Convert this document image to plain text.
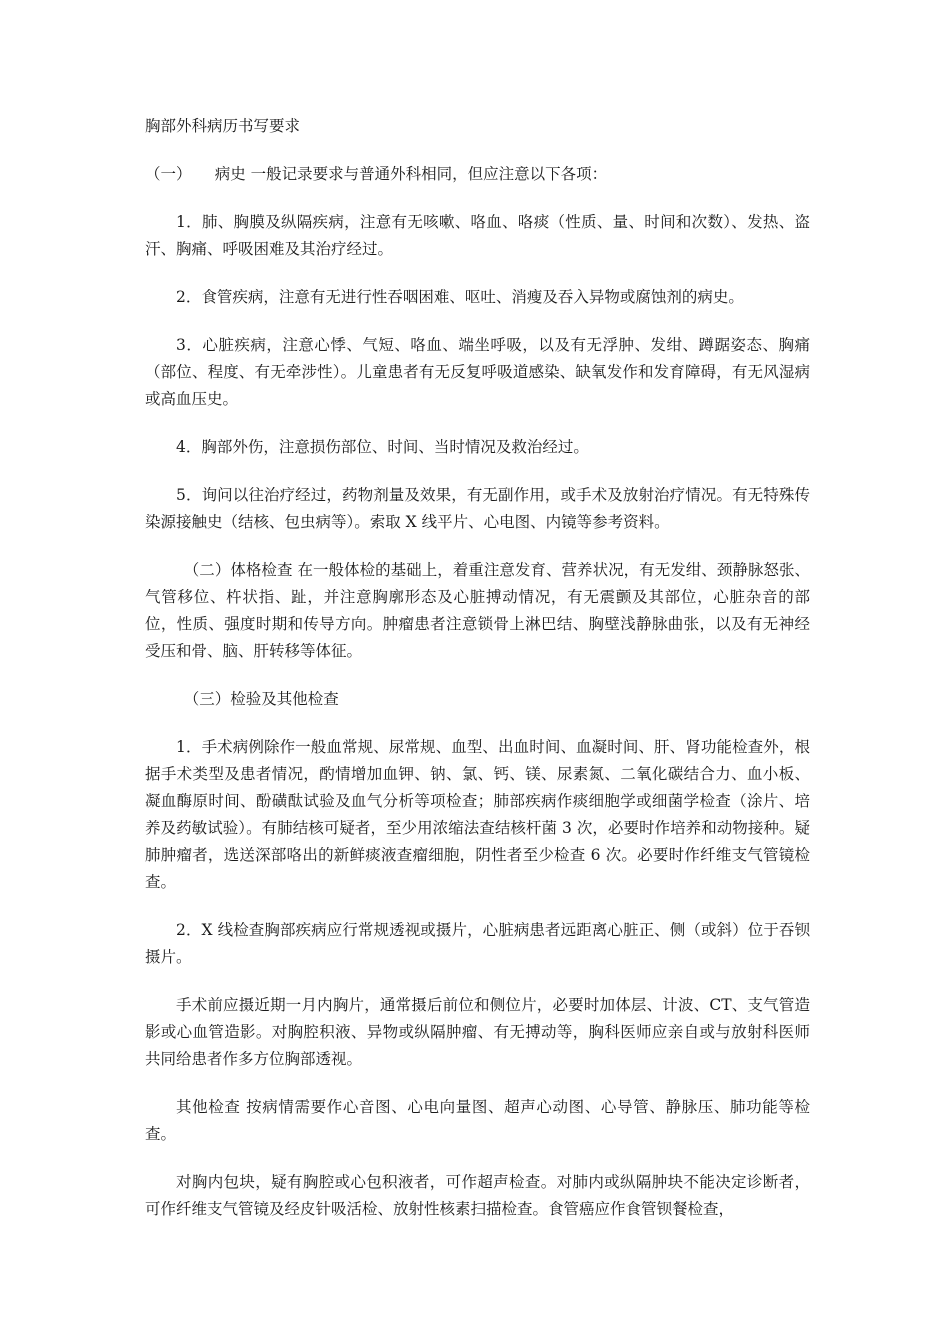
胸部外科病历书写要求

（一）　　病史 一般记录要求与普通外科相同，但应注意以下各项：

1．肺、胸膜及纵隔疾病，注意有无咳嗽、咯血、咯痰（性质、量、时间和次数）、发热、盗汗、胸痛、呼吸困难及其治疗经过。

2．食管疾病，注意有无进行性吞咽困难、呕吐、消瘦及吞入异物或腐蚀剂的病史。

3．心脏疾病，注意心悸、气短、咯血、端坐呼吸，以及有无浮肿、发绀、蹲踞姿态、胸痛（部位、程度、有无牵涉性）。儿童患者有无反复呼吸道感染、缺氧发作和发育障碍，有无风湿病或高血压史。

4．胸部外伤，注意损伤部位、时间、当时情况及救治经过。

5．询问以往治疗经过，药物剂量及效果，有无副作用，或手术及放射治疗情况。有无特殊传染源接触史（结核、包虫病等）。索取 X 线平片、心电图、内镜等参考资料。

（二）体格检查 在一般体检的基础上，着重注意发育、营养状况，有无发绀、颈静脉怒张、气管移位、杵状指、趾，并注意胸廓形态及心脏搏动情况，有无震颤及其部位，心脏杂音的部位，性质、强度时期和传导方向。肿瘤患者注意锁骨上淋巴结、胸壁浅静脉曲张，以及有无神经受压和骨、脑、肝转移等体征。

（三）检验及其他检查

1．手术病例除作一般血常规、尿常规、血型、出血时间、血凝时间、肝、肾功能检查外，根据手术类型及患者情况，酌情增加血钾、钠、氯、钙、镁、尿素氮、二氧化碳结合力、血小板、凝血酶原时间、酚磺酞试验及血气分析等项检查；肺部疾病作痰细胞学或细菌学检查（涂片、培养及药敏试验）。有肺结核可疑者，至少用浓缩法查结核杆菌 3 次，必要时作培养和动物接种。疑肺肿瘤者，选送深部咯出的新鲜痰液查瘤细胞，阴性者至少检查 6 次。必要时作纤维支气管镜检查。

2．X 线检查胸部疾病应行常规透视或摄片，心脏病患者远距离心脏正、侧（或斜）位于吞钡摄片。

手术前应摄近期一月内胸片，通常摄后前位和侧位片，必要时加体层、计波、CT、支气管造影或心血管造影。对胸腔积液、异物或纵隔肿瘤、有无搏动等，胸科医师应亲自或与放射科医师共同给患者作多方位胸部透视。

其他检查 按病情需要作心音图、心电向量图、超声心动图、心导管、静脉压、肺功能等检查。

对胸内包块，疑有胸腔或心包积液者，可作超声检查。对肺内或纵隔肿块不能决定诊断者，可作纤维支气管镜及经皮针吸活检、放射性核素扫描检查。食管癌应作食管钡餐检查，
